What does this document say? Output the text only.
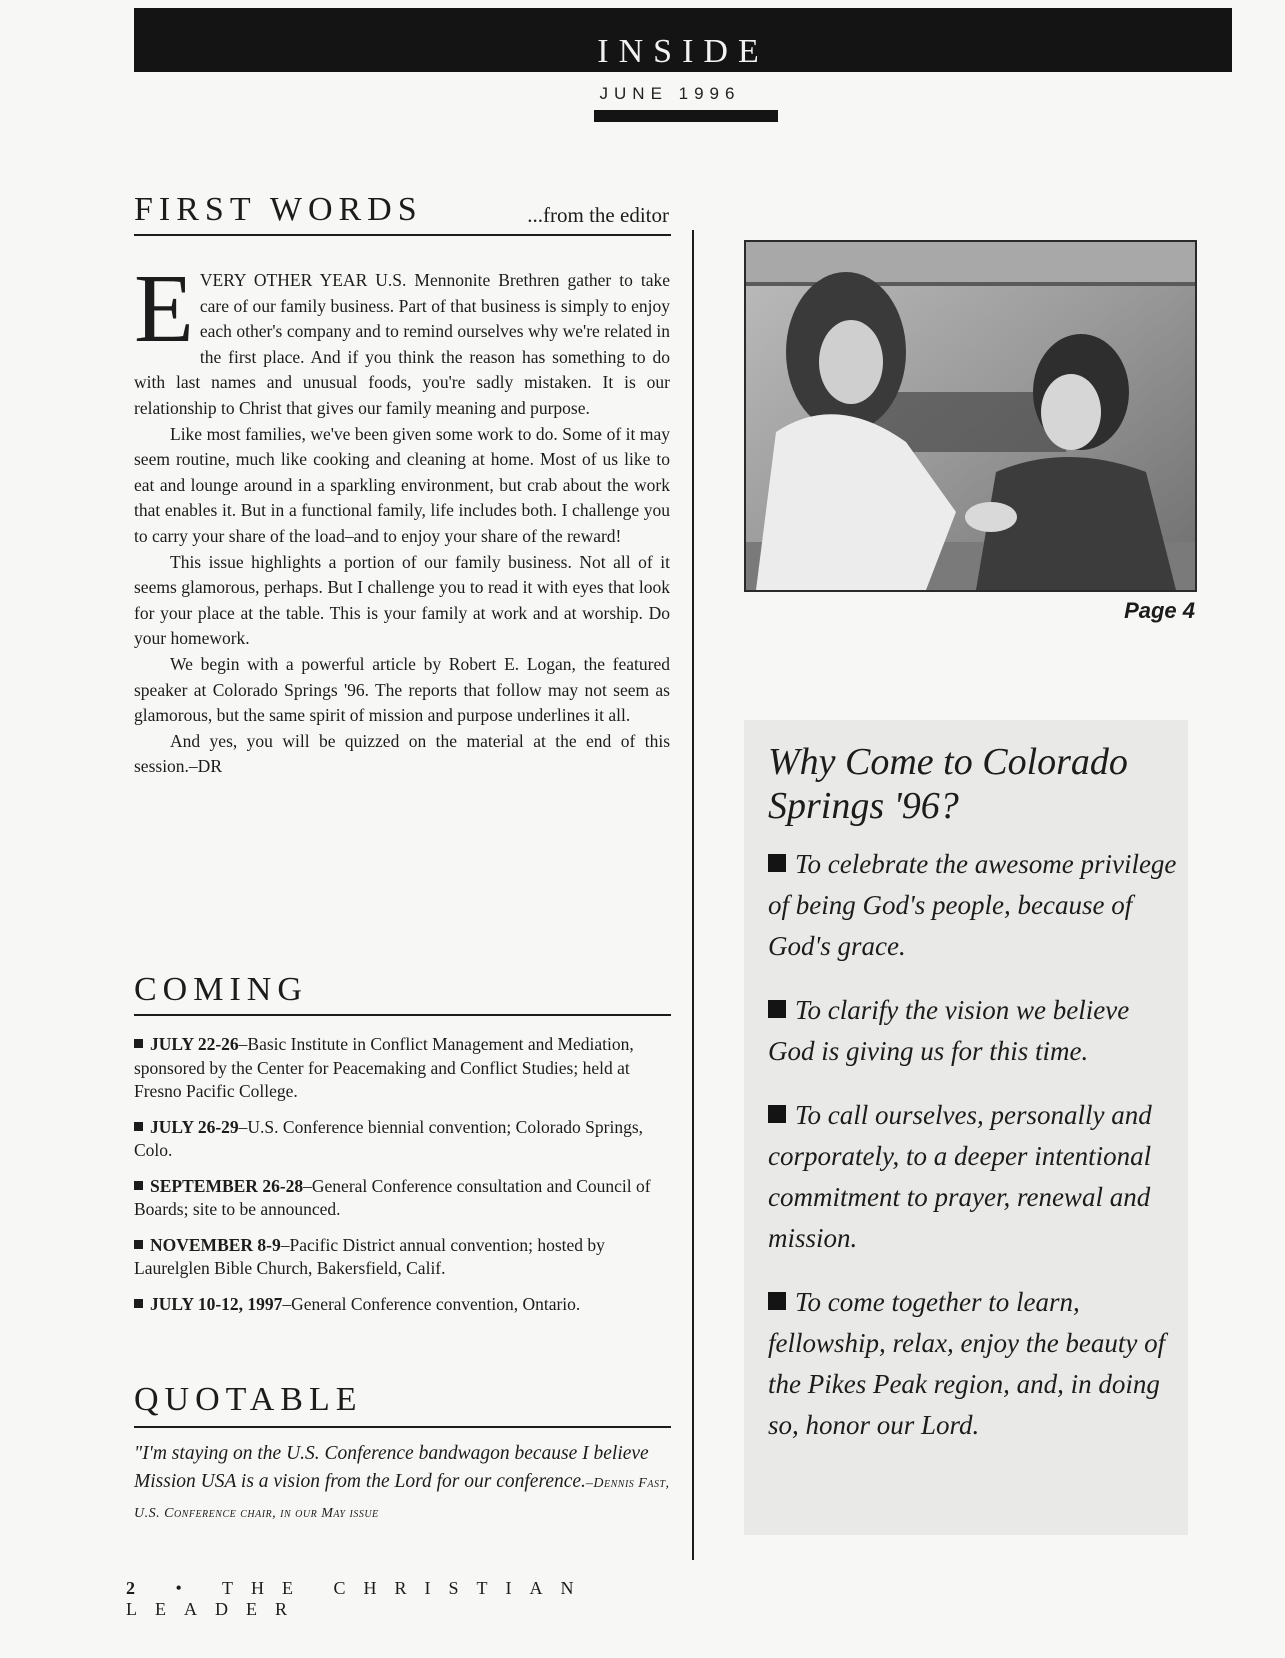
INSIDE
JUNE 1996
FIRST WORDS	...from the editor

EVERY OTHER YEAR U.S. Mennonite Brethren gather to take care of our family business. Part of that business is simply to enjoy each other's company and to remind ourselves why we're related in the first place. And if you think the reason has something to do with last names and unusual foods, you're sadly mistaken. It is our relationship to Christ that gives our family meaning and purpose.

Like most families, we've been given some work to do. Some of it may seem routine, much like cooking and cleaning at home. Most of us like to eat and lounge around in a sparkling environment, but crab about the work that enables it. But in a functional family, life includes both. I challenge you to carry your share of the load–and to enjoy your share of the reward!

This issue highlights a portion of our family business. Not all of it seems glamorous, perhaps. But I challenge you to read it with eyes that look for your place at the table. This is your family at work and at worship. Do your homework.

We begin with a powerful article by Robert E. Logan, the featured speaker at Colorado Springs '96. The reports that follow may not seem as glamorous, but the same spirit of mission and purpose underlines it all.

And yes, you will be quizzed on the material at the end of this session.–DR

COMING
JULY 22-26–Basic Institute in Conflict Management and Mediation, sponsored by the Center for Peacemaking and Conflict Studies; held at Fresno Pacific College.
JULY 26-29–U.S. Conference biennial convention; Colorado Springs, Colo.
SEPTEMBER 26-28–General Conference consultation and Council of Boards; site to be announced.
NOVEMBER 8-9–Pacific District annual convention; hosted by Laurelglen Bible Church, Bakersfield, Calif.
JULY 10-12, 1997–General Conference convention, Ontario.
QUOTABLE
"I'm staying on the U.S. Conference bandwagon because I believe Mission USA is a vision from the Lord for our conference.–Dennis Fast, U.S. Conference chair, in our May issue
2 • THE CHRISTIAN LEADER
Page 4
Why Come to Colorado Springs '96?
To celebrate the awesome privilege of being God's people, because of God's grace.
To clarify the vision we believe God is giving us for this time.
To call ourselves, personally and corporately, to a deeper intentional commitment to prayer, renewal and mission.
To come together to learn, fellowship, relax, enjoy the beauty of the Pikes Peak region, and, in doing so, honor our Lord.
